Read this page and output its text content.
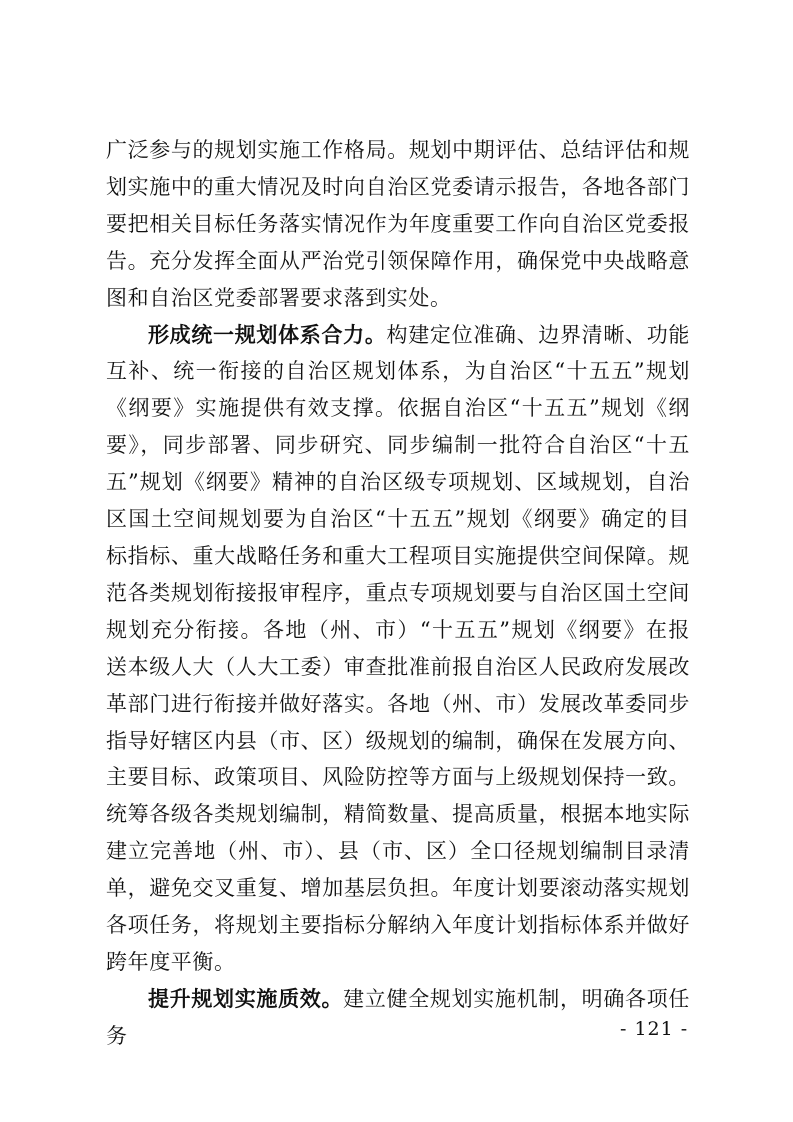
广泛参与的规划实施工作格局。规划中期评估、总结评估和规划实施中的重大情况及时向自治区党委请示报告，各地各部门要把相关目标任务落实情况作为年度重要工作向自治区党委报告。充分发挥全面从严治党引领保障作用，确保党中央战略意图和自治区党委部署要求落到实处。

形成统一规划体系合力。构建定位准确、边界清晰、功能互补、统一衔接的自治区规划体系，为自治区“十五五”规划《纲要》实施提供有效支撑。依据自治区“十五五”规划《纲要》，同步部署、同步研究、同步编制一批符合自治区“十五五”规划《纲要》精神的自治区级专项规划、区域规划，自治区国土空间规划要为自治区“十五五”规划《纲要》确定的目标指标、重大战略任务和重大工程项目实施提供空间保障。规范各类规划衔接报审程序，重点专项规划要与自治区国土空间规划充分衔接。各地（州、市）“十五五”规划《纲要》在报送本级人大（人大工委）审查批准前报自治区人民政府发展改革部门进行衔接并做好落实。各地（州、市）发展改革委同步指导好辖区内县（市、区）级规划的编制，确保在发展方向、主要目标、政策项目、风险防控等方面与上级规划保持一致。统筹各级各类规划编制，精简数量、提高质量，根据本地实际建立完善地（州、市）、县（市、区）全口径规划编制目录清单，避免交叉重复、增加基层负担。年度计划要滚动落实规划各项任务，将规划主要指标分解纳入年度计划指标体系并做好跨年度平衡。

提升规划实施质效。建立健全规划实施机制，明确各项任务	- 121 -
